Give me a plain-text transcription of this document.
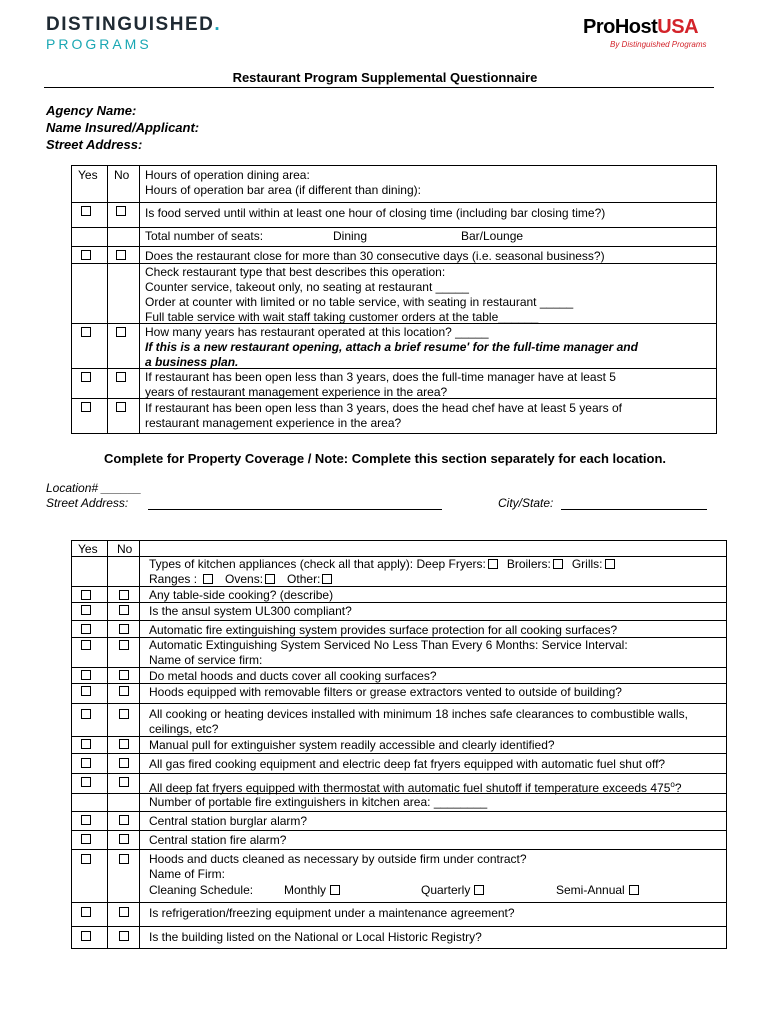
DISTINGUISHED.
PROGRAMS
ProHostUSA
By Distinguished Programs
Restaurant Program Supplemental Questionnaire
Agency Name:
Name Insured/Applicant:
Street Address:
Yes No Hours of operation dining area:
Hours of operation bar area (if different than dining):
Is food served until within at least one hour of closing time (including bar closing time?)
Total number of seats:	Dining	Bar/Lounge
Does the restaurant close for more than 30 consecutive days (i.e. seasonal business?)
Check restaurant type that best describes this operation:
Counter service, takeout only, no seating at restaurant _____
Order at counter with limited or no table service, with seating in restaurant _____
Full table service with wait staff taking customer orders at the table______
How many years has restaurant operated at this location? _____
If this is a new restaurant opening, attach a brief resume' for the full-time manager and
a business plan.
If restaurant has been open less than 3 years, does the full-time manager have at least 5
years of restaurant management experience in the area?
If restaurant has been open less than 3 years, does the head chef have at least 5 years of
restaurant management experience in the area?
Complete for Property Coverage / Note: Complete this section separately for each location.
Location# ______
Street Address:	City/State:
Yes No
Types of kitchen appliances (check all that apply): Deep Fryers: Broilers: Grills:
Ranges : Ovens: Other:
Any table-side cooking? (describe)
Is the ansul system UL300 compliant?
Automatic fire extinguishing system provides surface protection for all cooking surfaces?
Automatic Extinguishing System Serviced No Less Than Every 6 Months: Service Interval:
Name of service firm:
Do metal hoods and ducts cover all cooking surfaces?
Hoods equipped with removable filters or grease extractors vented to outside of building?
All cooking or heating devices installed with minimum 18 inches safe clearances to combustible walls,
ceilings, etc?
Manual pull for extinguisher system readily accessible and clearly identified?
All gas fired cooking equipment and electric deep fat fryers equipped with automatic fuel shut off?
All deep fat fryers equipped with thermostat with automatic fuel shutoff if temperature exceeds 475$^o$?
Number of portable fire extinguishers in kitchen area: ________
Central station burglar alarm?
Central station fire alarm?
Hoods and ducts cleaned as necessary by outside firm under contract?
Name of Firm:
Cleaning Schedule:	Monthly	Quarterly	Semi-Annual
Is refrigeration/freezing equipment under a maintenance agreement?
Is the building listed on the National or Local Historic Registry?
